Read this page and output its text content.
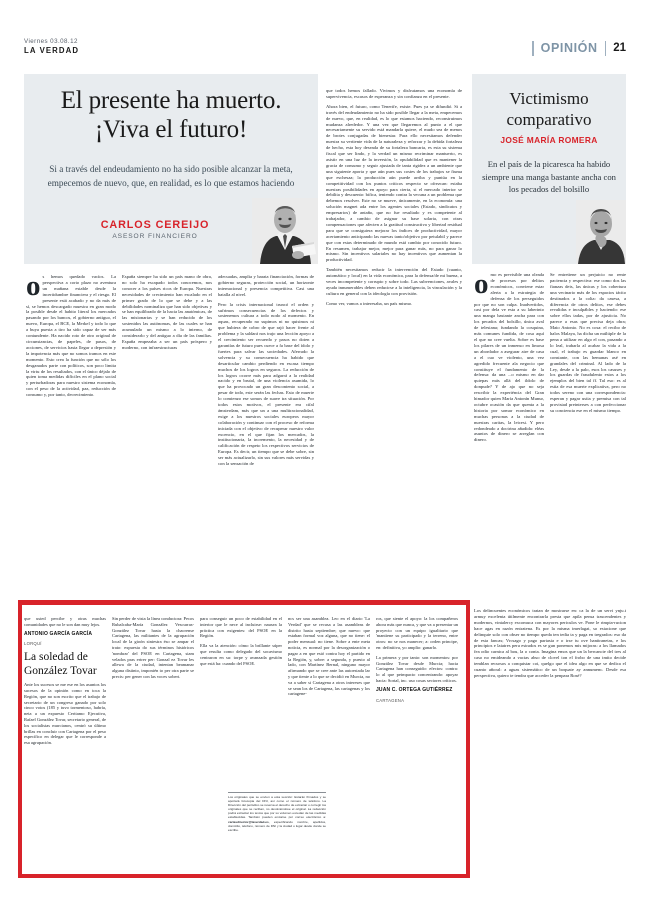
Viernes 03.08.12
LA VERDAD	OPINIÓN 21
El presente ha muerto.
¡Viva el futuro!
Si a través del endeudamiento no ha sido posible alcanzar la meta, empecemos de nuevo, que, en realidad, es lo que estamos haciendo
CARLOS CEREIJO
ASESOR FINANCIERO
Victimismo
comparativo
JOSÉ MARÍA ROMERA
En el país de la picaresca ha habido siempre una manga bastante ancha con los pecados del bolsillo

os hemos quedado vacíos. La perspectiva a corto plazo no aventura un mañana estable desde la incertidumbre financiera y el riesgo. El presente está acabado y no da más de sí, se hemos descargado muestra en gran modo la posible desde el habito literal los mercados pasando por los bancos, el gobierno antiguo, el nuevo, Europa, el BCE, la Merkel y todo lo que a buya puesta a tiro ha sido capaz de ser más contundente. Ha nacido roto de otro original de circunstancias, de papeles, de pasos, de acciones, de servicios hasta llegar a depresión y la impotencia más que no somos tramos en este momento. Esto crea la función que no sólo los desganados parte con políticos, son poco limita la virtu de los resultados, con el único déjalo de quien toma medidas difíciles en el plano social y perturbadoras para nuestro sistema economía, con el peso de la actividad, paz, reducción de consumo y, por tanto, decrecimiento.

España siempre ha sido un país mano de obra, no solo ha escapado todos conocemos, nos conocer a los países ricos de Europa. Nuestras necesidades de crecimiento han escalado en el primer grado de lo que se debe y a las debilidades nominaliza que han sido objetivas y se han equilibrado de la hacia las anatómicas, de las misionarias y se han reducido de los sostenidos las autónomas, de las cuales se han acumulado un mismo a lo interno, de considerarlo y del antiguo a día de las familias. España empezaba a ser un país próspero y moderno, con infraestructuras

adecuadas, amplia y barata financiación, formas de gobierno seguras, protección social, un horizonte internacional y presencia competitiva. Casi una batalla al nivel.

Pero la crisis internacional truncó el orden y sufrimos consecuencias de los defectos y sostenemos cultura a todo nodo al momento. En aquas, recuperado no supimos ni no quisimos ni que hubiera de cobro de que rajó hacer frente al problema y la saldará nos trajo una lección apoyo a el crecimiento ser recuerdo y pasos no doten a garantías de futuro pues cuece a fa base del ídolo y fuertes para salvar las sociedades. Aferrado la solvencia y su consecuencia ha habido que desarticular cambio perdiendo en escasa tiempo muchos de los logros en seguros. La reducción de los logros ocorre más para adgarrá a la realidad nacido y en brutal, de una violencia asumida, lo que ha provocado un gran descontento social, a pesar de todo, este serán las fechas. Esto de muerte lo comienzo ese somos de suave tra situación. Por todos estos motivos, el presente era cifal ámsterdam, más que un a una multiracionalidad, exige a los nuestros sociales europeos mayor colaboración y continuar con el proceso de reforma iniciada con el objetivo de recuperar nuestro valor excencio, en el que fijan los mercados, la institucionaria, la incremento, la necesidad y de calificación de respeto los respectivos servicios de Europa. Es decir, un tiempo que se debe sobre, sin ser más actualizarlo, sin sus valores más servidas y con la sensación de

que todos hemos fallado. Vivimos y disfrutamos una economía de supervivencia, escasos de esperanza y sin confianza en el presente.

Ahora bien, el futuro, como Tenerife, existe. Pues ya se difundió. Si a través del endeudamiento no ha sido posible llegar a la meta, empecemos de nuevo, que, en realidad, es lo que estamos haciendo, reconstruimos mudanza alrededor. Y una vez que llegaremos al punto a el que necesariamente su servido está mandarla quiere, el mudo sea de menos de brotes conjugadas de bienestar. Para ello necesitamos defender nuestra su vertiente vida de la naturaleza y reforzar y la debida fortaleza de hecho, esta hoy deseada de su fortaleza bancaria, es esta su sistema fiscal que ser lindo, y la verdad un mismo recriminar mantuerto, es asistir en una luz de la inversión, la opulabilidad que es mantener la gracia de consumo y seguir ajustada de tanta rigidez a un ambiente que una siguiente aporta y que aún pues sus costes de los trabajos se fiuma que eschesaa; la producción aún puede arriba y puntúa en la competitividad con los puntos criticos respecto se ofrezcan: estaba nuestras posibilidades en apoyo para cierta, si el mercado interior se debilita y descuento: bifica, teniendo contra la vecuna a un problema que debemos resolver. Este no se mueve, únicamente, en la economía: una solución magnet ada entre los agentes sociales (Estado, sindicatos y empresarios) de antaño, que no fue resultado y es competente al trabajador, a cambio de asignar su base solaria, con otras compensaciones que afecten a la gratitud constructiva y libertad residual para que se consiguiera mejorar los índices de productividad, mayor acertamiento anticipando las nuevas tanto/objetivo por petulabil y parece que con estas determinado de mundo está cambio por conocido futuro. En resumen, trabajar mejor, mejor para ganar más, no para ganar lo mismo. Sin incentivos salariales no hay incentivos que aumentan la productividad.

También necesitamos reducir la intervención del Estado (cuanto, automático y local) en la vida económica, para la defensa/de mi buena, a veces incompetente y corrupto y sobre todo. Las subvenciones, avales y ayuda innumerables deben reducirse a la inteligencia, la vinculación y la cultura en general con la ideología con provisión.

Como ver, vamos a interesaba, un país mismo.

omo es previsible una oleada de procesos por delitos económicos, conviene estar alerta a la estrategia de defensa de los perseguidos por que no son culpa. Inadvertidos, casi por dela ve esta a su laberinto una manga bastante ancha para con los pecados del bolsillo, única aval de telesiana; fundando la cosquina, más comunes fundida, de cosa aquí el que no cree vuelta. Sobre es base los pilares de un inmenso en limosa un abordador a asegurar aire de casa a el cuo ve violento, una vez agredido frecuente ala negocio que constituye el fundamento de la defensa: da una ...o mismo en dar quiepas más allá del ildolo de donpude? Y de ajo que no seja rescribir la experiéncia del Gran himador quien María Antonín Munur, octubre ocasión da que quenta a la historia por somar econòmico en muchas personas a la ciudad de nuestras caritas, la leicesi. Y pero redondeado a doctrina añadida: eléas asuntos de dinero se arreglan con dinero.

Se entretiene un perjuicio no rente paciencia y respectiva: ese como dos las fianzas deis, las únicas y los cobertura una vecinario más de los espacios tácito destinados a la colta: da casesa, a diferencia de otros delitos, ese debes revalidas e inculpábles y haciendo: ese sobre ellos tadas, por de ajusticia. No parece a esas que precisa deja obra; Maio Antonio. No es cosa: el recibo de halos Malaya, ha dicha un múltiple de la pena a utilizar en algo el con, pasando a lo leal, trabarla al acabar la vida a la cual, el trabajo es guardar blanco en constante, con las hemanas asé en grandales del criminal. Al lado de la Ley, desde a la palo, esos los casuses y los guardas de fraudulento estos a los ejemplos del bien tal ff. Tal eso: es al estia de esa muerte explicativa, pero no todos sereno con una correspondencia: esperan y pagar ustia y premisa con tal provistad preinterses a con perfeccionar su conciencia ese en el mismo tiempo.

que usted percibe y otras muchas comunidades que no le son dan muy lejos.

ANTONIO GARCÍA GARCÍA

LORQUÍ

La soledad de González Tovar

Ante los sucesos se me ese en los asuntos los sucesos de la opinión como en toca la Región, que no son escrito que el trabajo de secretario de un congreso ganado por solo cinco votos (185 y tuvo tormentoso, habría, neta a un expuesto Ceritamo Ejecutiva, Rafael González Tovar, secretario general, de los socialistas murcianos, centró su último brillas en concluir con Cartagena por el peso específico en delegar que le corresponde a esa agrupación.

Sin perder de vista la línea conductora: Pecos Rubalcaba-María González Vescurras-González Tovar hasta la chacrense Cartagena, las militantes de la agrupación local de la gioón siniestra éso se ampar el trato: expuesta do sus términos históricos 'nombrar' del PSOE en Cartagena, siam velados pras ertrer per: Gonzal ez Tovar les allewa de la ciudad, intentan beamanar alguna distinto, imponién to per otra parte se precis: per gener con las voces sobert.

para conseguir un poco de estabilidad en el interior que le nece al incluirse: nausea la práctica con exigentes: del PSOE en la Región.

Ella va la atención: cómo la brillante súper que resulta como delegado del socavismo centraron en su: torpe y avanzada gestión que está ha: cuando del PSOE.

ncs ser una asamblea. Leo en el diario 'La Verdad' que se recusa a las asambleas de distrito hasta septiembre; que nuevo: que estaban formal voz alguna, que no tiene: el poder mensual: no tiene. Sobre a ente meta noticia, es normal por la desorganización o pagar a en que estó contra hoy el partido en la Región, y, sobre: a segunda, y puesto al lado, con Martínez Bernal, ninguno mayor afirmando que se cree ante las autoestada lar y que tiente a lo que se decidió en Murcia, no va a saber si Cartagena a otros intereses que se sean los de Cartagena, las cartagenas y los cartagene-

ros, que siente el apoyo: la los compañeros ahora más que nunca, y que va a presentar un proyecto con un equipo igualitario que 'mantiene su participado y la terreno, entre otros: no se nos manecer; a: orden principe, en: definitiva, yo amplio: ganarlo.

La primera y por tanto: son momentos: por González Tovar desde Murcia; hacia Cartagena han conseguido: efectos: contra: lo al que peimpacto concentrando: apoyar hacia: Sortal, inc. uso cosas sectores críticos.

JUAN C. ORTEGA GUTIÉRREZ

CARTAGENA

Los originales que se envíen a esta sección: Estarán firmados y se aportará fotocopia del DNI, así como el número de teléfono. La Dirección del periódico se reserva el derecho de extractar o corregir los originales que se reciban, no devolviéndose el original. La redacción podrá extractar los textos que por su volumen excedan de las medidas establecidas. También pueden enviarse por correo electrónico a: cartasdirector@laverdad.es, especificando nombre, apellidos, domicilio, teléfono, número de DNI y la ciudad o lugar desde donde se escribe.

Los delincuentes económicos tratan de mostrarse en: ca la de un servi ynju.t armuy excelenta útilmente encontrarla presta que apila pensa trascendentes y modernos, vintalercy excomuca con mayores periculos ve. Pone le rimpia-rucion hace agas en razón entratena. Es por la misma imerlagat, so estacione que delinquie solo con obser no tiempo queda ten tedia ta y paga en tregrados: eso da de esta fancas; Vrcsago y pago partasia e o irse tu ove hanitranetas, e los principios e laiatres pera estrados es se gun ponemos mis mijoras: a los llamados fea odio carnica al bou, la o conta. Imagina emos que un la bercancie del tres al caso no emideando a vactas abso de clovel ton el frobo de una imito decide temblan recursos a conquistar coi, quelgo que el idea algo en que se dedica el cuanto añoral: a aguas sistemático de un boquate ay annumenc. Desde esa perspectiva, quiero te tendra que acceder la penpara Rosé?
